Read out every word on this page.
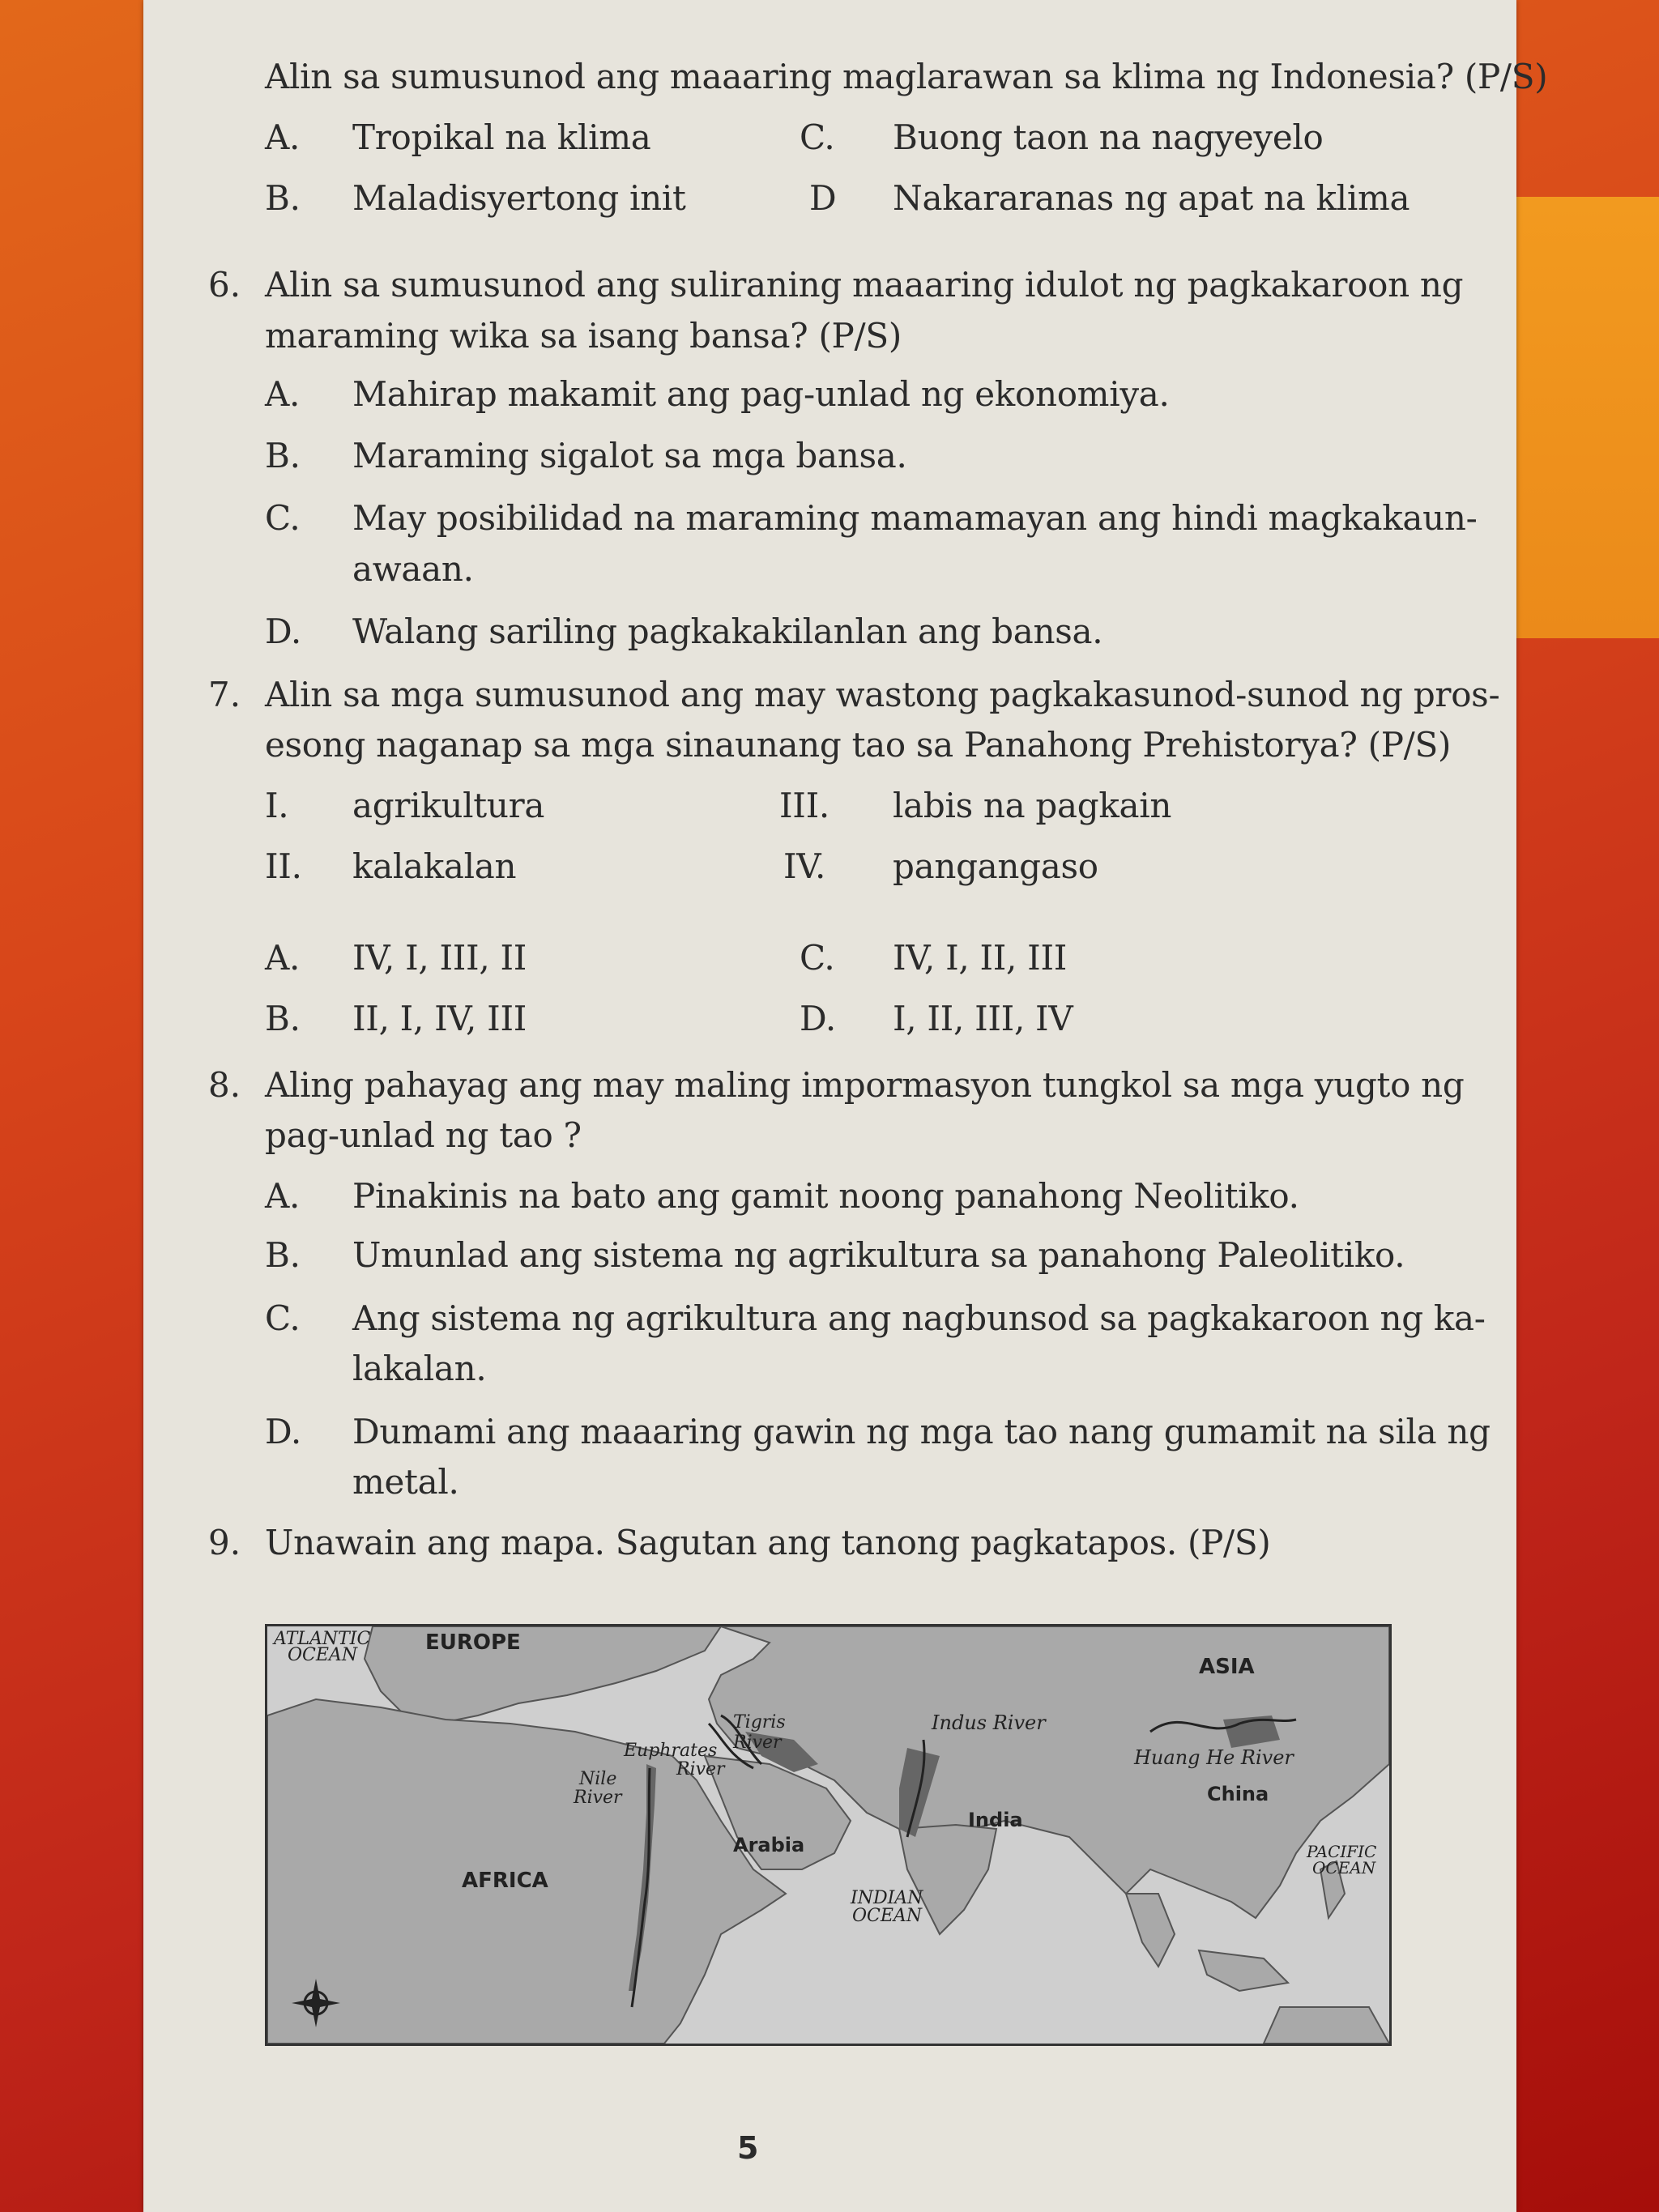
Alin sa sumusunod ang maaaring maglarawan sa klima ng Indonesia? (P/S)
A. Tropikal na klima	C. Buong taon na nagyeyelo
B. Maladisyertong init	D Nakararanas ng apat na klima
6. Alin sa sumusunod ang suliraning maaaring idulot ng pagkakaroon ng
maraming wika sa isang bansa? (P/S)
A. Mahirap makamit ang pag-unlad ng ekonomiya.
B. Maraming sigalot sa mga bansa.
C. May posibilidad na maraming mamamayan ang hindi magkakaun-
awaan.
D. Walang sariling pagkakakilanlan ang bansa.
7. Alin sa mga sumusunod ang may wastong pagkakasunod-sunod ng pros-
esong naganap sa mga sinaunang tao sa Panahong Prehistorya? (P/S)
I. agrikultura	III. labis na pagkain
II. kalakalan	IV. pangangaso
A. IV, I, III, II	C. IV, I, II, III
B. II, I, IV, III	D. I, II, III, IV
8. Aling pahayag ang may maling impormasyon tungkol sa mga yugto ng
pag-unlad ng tao ?
A. Pinakinis na bato ang gamit noong panahong Neolitiko.
B. Umunlad ang sistema ng agrikultura sa panahong Paleolitiko.
C. Ang sistema ng agrikultura ang nagbunsod sa pagkakaroon ng ka-
lakalan.
D. Dumami ang maaaring gawin ng mga tao nang gumamit na sila ng
metal.
9. Unawain ang mapa. Sagutan ang tanong pagkatapos. (P/S)
ATLANTIC
OCEAN
EUROPE
ASIA
Tigris
River
Euphrates
River
Nile
River
Indus River
Huang He River
China
India
Arabia
AFRICA
INDIAN
OCEAN
PACIFIC
OCEAN
5
